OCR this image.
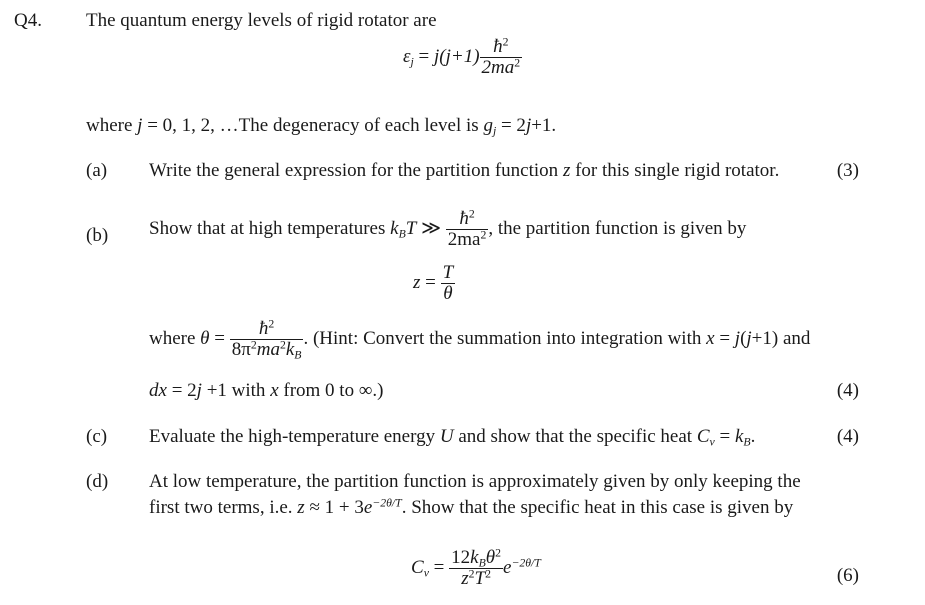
Q4. The quantum energy levels of rigid rotator are
$\varepsilon_j = j(j+1) \frac{ħ^2}{2ma^2}$
where j = 0, 1, 2, …The degeneracy of each level is $g_j = 2j+1$.
(a) Write the general expression for the partition function z for this single rigid rotator.	(3)
(b) Show that at high temperatures $k_BT$ ≫ $\frac{ħ^2}{2ma^2}$ , the partition function is given by
$z = \frac{T}{\theta}$
where $\theta = \frac{ħ^2}{8\pi^2ma^2k_B}$ . (Hint: Convert the summation into integration with x = j(j+1) and
dx = 2j +1 with x from 0 to ∞.)	(4)
(c) Evaluate the high-temperature energy U and show that the specific heat $C_v = k_B$.	(4)
(d) At low temperature, the partition function is approximately given by only keeping the
first two terms, i.e. $z \approx 1 + 3e^{-2\theta/T}$. Show that the specific heat in this case is given by
$C_v = \frac{12k_B\theta^2}{z^2T^2} e^{-2\theta/T}$
(6)
